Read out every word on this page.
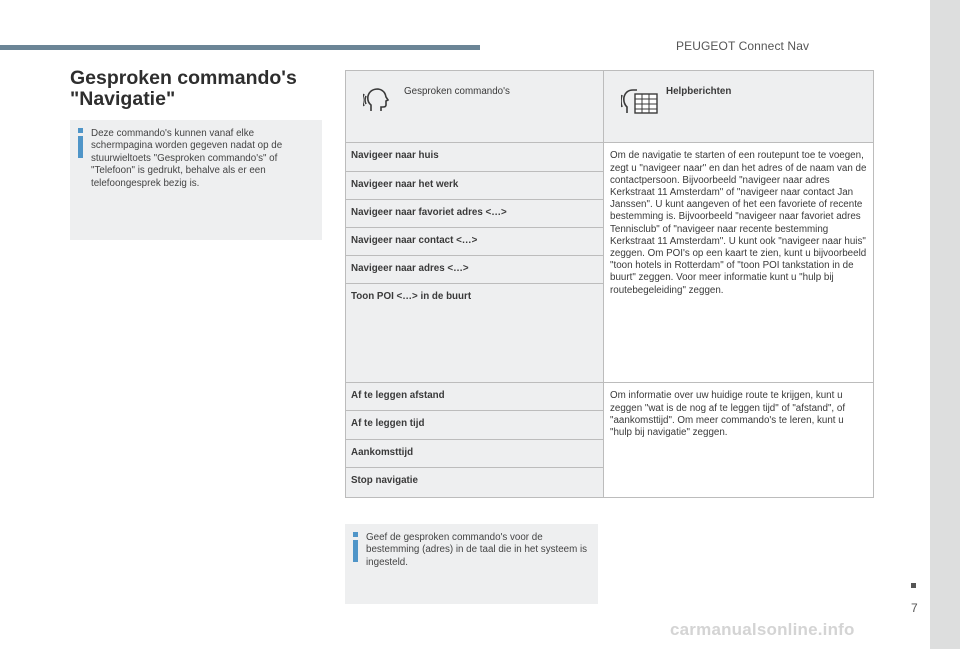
PEUGEOT Connect Nav
7
carmanualsonline.info
Gesproken commando's
"Navigatie"

Deze commando's kunnen vanaf elke schermpagina worden gegeven nadat op de stuurwieltoets "Gesproken commando's" of "Telefoon" is gedrukt, behalve als er een telefoongesprek bezig is.

Gesproken commando's	Helpberichten

Navigeer naar huis	Om de navigatie te starten of een routepunt toe te voegen, zegt u "navigeer naar" en dan het adres of de naam van de contactpersoon. Bijvoorbeeld "navigeer naar adres Kerkstraat 11 Amsterdam" of "navigeer naar contact Jan Janssen". U kunt aangeven of het een favoriete of recente bestemming is. Bijvoorbeeld "navigeer naar favoriet adres Tennisclub" of "navigeer naar recente bestemming Kerkstraat 11 Amsterdam". U kunt ook "navigeer naar huis" zeggen. Om POI's op een kaart te zien, kunt u bijvoorbeeld "toon hotels in Rotterdam" of "toon POI tankstation in de buurt" zeggen. Voor meer informatie kunt u "hulp bij routebegeleiding" zeggen.
Navigeer naar het werk	
Navigeer naar favoriet adres <…>	
Navigeer naar contact <…>	
Navigeer naar adres <…>	
Toon POI <…> in de buurt	
Af te leggen afstand	Om informatie over uw huidige route te krijgen, kunt u zeggen "wat is de nog af te leggen tijd" of "afstand", of "aankomsttijd". Om meer commando's te leren, kunt u "hulp bij navigatie" zeggen.
Af te leggen tijd	
Aankomsttijd	
Stop navigatie	

Geef de gesproken commando's voor de bestemming (adres) in de taal die in het systeem is ingesteld.
